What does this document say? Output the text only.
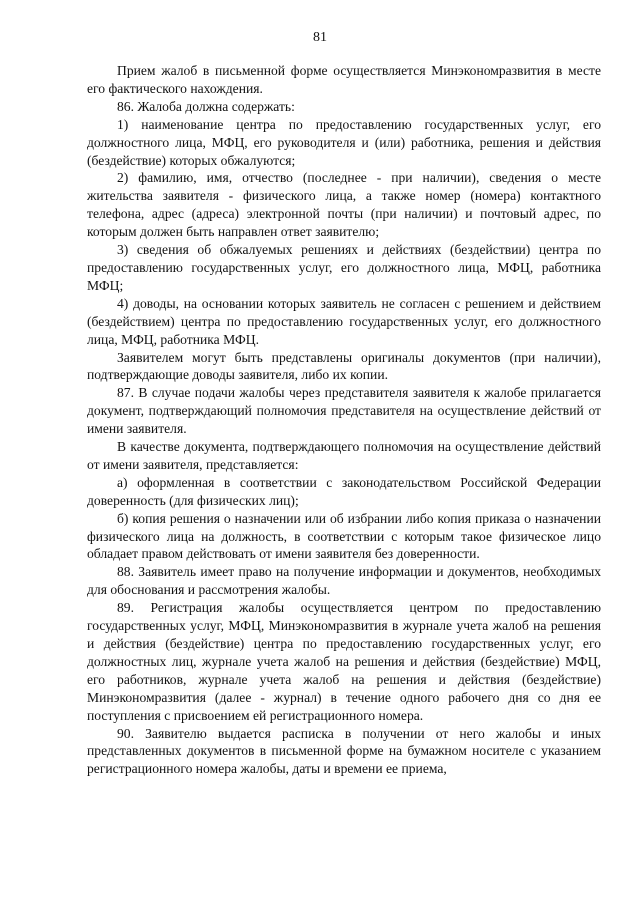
81

Прием жалоб в письменной форме осуществляется Минэкономразвития в месте его фактического нахождения.

86. Жалоба должна содержать:

1) наименование центра по предоставлению государственных услуг, его должностного лица, МФЦ, его руководителя и (или) работника, решения и действия (бездействие) которых обжалуются;

2) фамилию, имя, отчество (последнее - при наличии), сведения о месте жительства заявителя - физического лица, а также номер (номера) контактного телефона, адрес (адреса) электронной почты (при наличии) и почтовый адрес, по которым должен быть направлен ответ заявителю;

3) сведения об обжалуемых решениях и действиях (бездействии) центра по предоставлению государственных услуг, его должностного лица, МФЦ, работника МФЦ;

4) доводы, на основании которых заявитель не согласен с решением и действием (бездействием) центра по предоставлению государственных услуг, его должностного лица, МФЦ, работника МФЦ.

Заявителем могут быть представлены оригиналы документов (при наличии), подтверждающие доводы заявителя, либо их копии.

87. В случае подачи жалобы через представителя заявителя к жалобе прилагается документ, подтверждающий полномочия представителя на осуществление действий от имени заявителя.

В качестве документа, подтверждающего полномочия на осуществление действий от имени заявителя, представляется:

а) оформленная в соответствии с законодательством Российской Федерации доверенность (для физических лиц);

б) копия решения о назначении или об избрании либо копия приказа о назначении физического лица на должность, в соответствии с которым такое физическое лицо обладает правом действовать от имени заявителя без доверенности.

88. Заявитель имеет право на получение информации и документов, необходимых для обоснования и рассмотрения жалобы.

89. Регистрация жалобы осуществляется центром по предоставлению государственных услуг, МФЦ, Минэкономразвития в журнале учета жалоб на решения и действия (бездействие) центра по предоставлению государственных услуг, его должностных лиц, журнале учета жалоб на решения и действия (бездействие) МФЦ, его работников, журнале учета жалоб на решения и действия (бездействие) Минэкономразвития (далее - журнал) в течение одного рабочего дня со дня ее поступления с присвоением ей регистрационного номера.

90. Заявителю выдается расписка в получении от него жалобы и иных представленных документов в письменной форме на бумажном носителе с указанием регистрационного номера жалобы, даты и времени ее приема,
